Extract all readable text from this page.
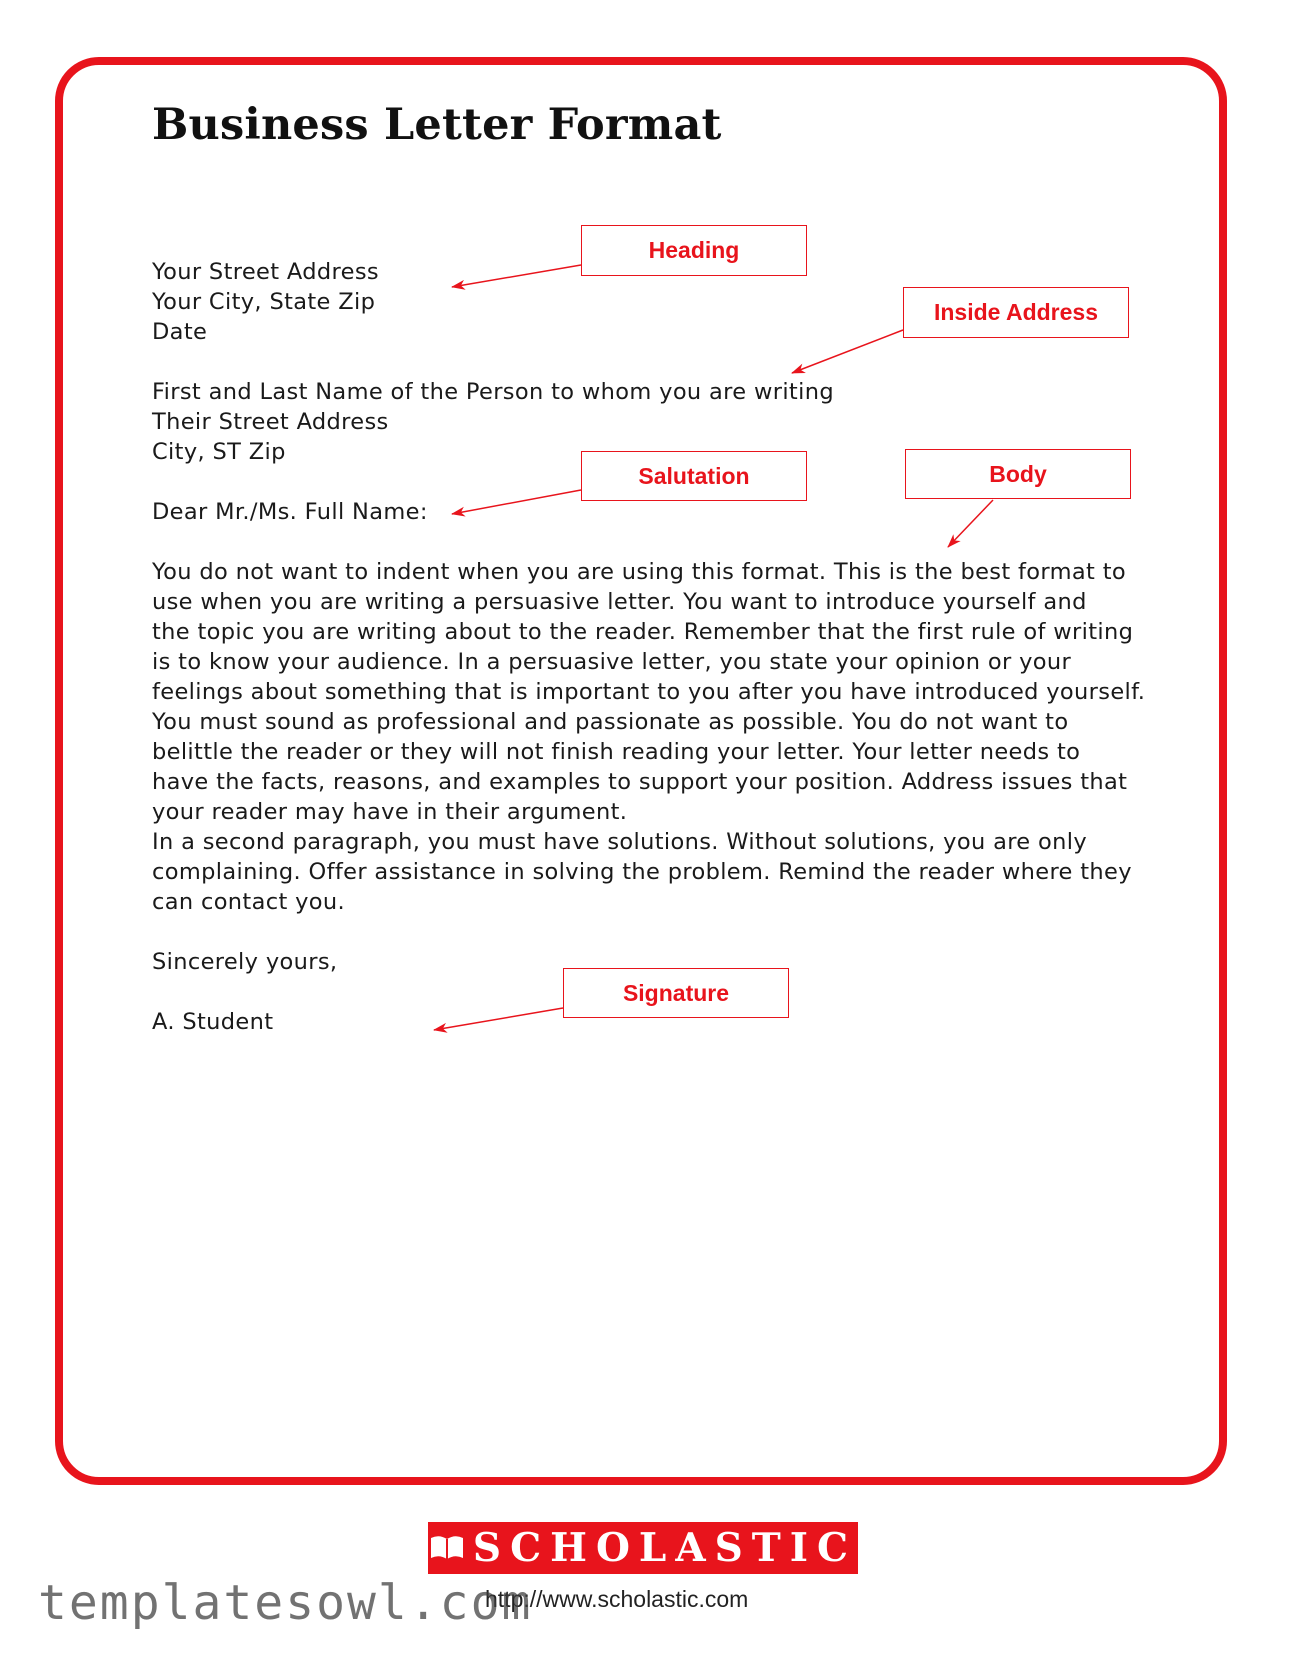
Business Letter Format
Your Street Address
Your City, State Zip
Date
First and Last Name of the Person to whom you are writing
Their Street Address
City, ST Zip
Dear Mr./Ms. Full Name:
You do not want to indent when you are using this format. This is the best format to
use when you are writing a persuasive letter. You want to introduce yourself and
the topic you are writing about to the reader. Remember that the first rule of writing
is to know your audience. In a persuasive letter, you state your opinion or your
feelings about something that is important to you after you have introduced yourself.
You must sound as professional and passionate as possible. You do not want to
belittle the reader or they will not finish reading your letter. Your letter needs to
have the facts, reasons, and examples to support your position. Address issues that
your reader may have in their argument.
In a second paragraph, you must have solutions. Without solutions, you are only
complaining. Offer assistance in solving the problem. Remind the reader where they
can contact you.
Sincerely yours,
A. Student
Heading
Inside Address
Salutation	Body
Signature
SCHOLASTIC
http://www.scholastic.com
templatesowl.com
